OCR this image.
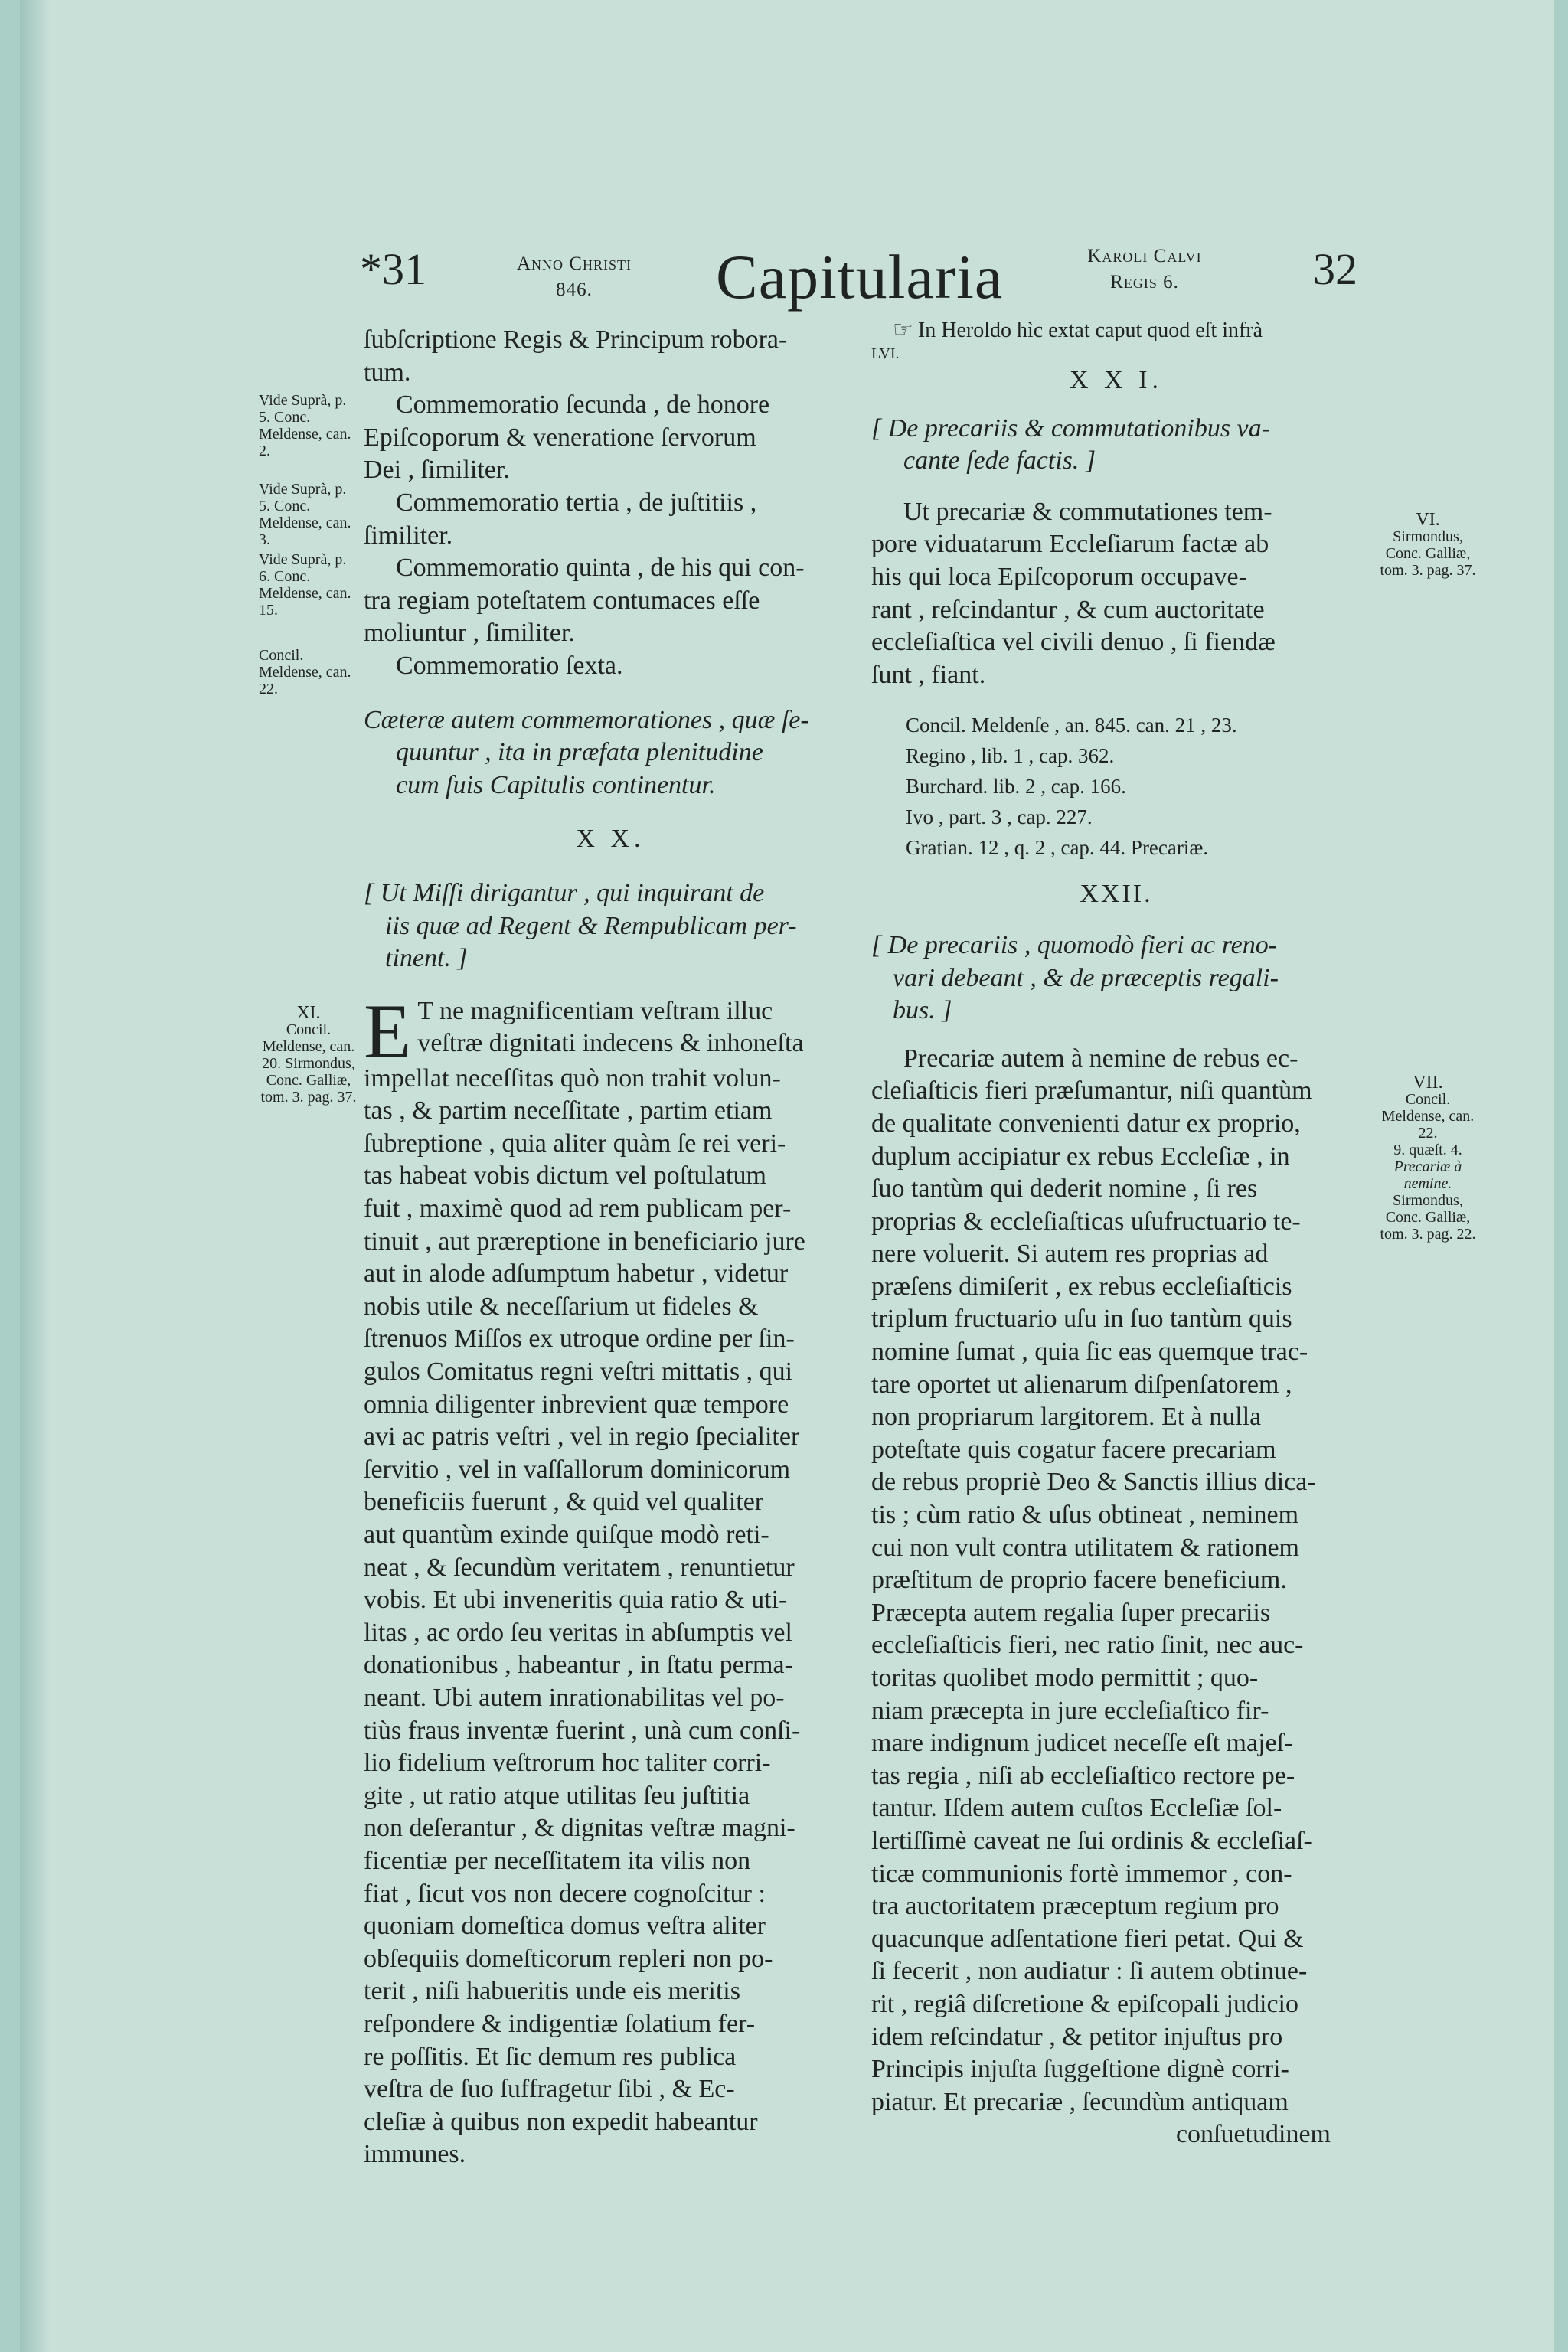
*31	Anno Christi
846.	Capitularia	Karoli Calvi
Regis 6.	32
Vide Suprà, p. 5. Conc. Meldense, can. 2.
Vide Suprà, p. 5. Conc. Meldense, can. 3.
Vide Suprà, p. 6. Conc. Meldense, can. 15.
Concil. Meldense, can. 22.
XI.
Concil. Meldense, can. 20. Sirmondus, Conc. Galliæ, tom. 3. pag. 37.

ſubſcriptione Regis & Principum robora-

tum.

Commemoratio ſecunda , de honore

Epiſcoporum & veneratione ſervorum

Dei , ſimiliter.

Commemoratio tertia , de juſtitiis ,

ſimiliter.

Commemoratio quinta , de his qui con-

tra regiam poteſtatem contumaces eſſe

moliuntur , ſimiliter.

Commemoratio ſexta.

Cæteræ autem commemorationes , quæ ſe-

quuntur , ita in præfata plenitudine

cum ſuis Capitulis continentur.

X X.

[ Ut Miſſi dirigantur , qui inquirant de

iis quæ ad Regent & Rempublicam per-

tinent. ]

E T ne magnificentiam veſtram illuc

veſtræ dignitati indecens & inhoneſta

impellat neceſſitas quò non trahit volun-

tas , & partim neceſſitate , partim etiam

ſubreptione , quia aliter quàm ſe rei veri-

tas habeat vobis dictum vel poſtulatum

fuit , maximè quod ad rem publicam per-

tinuit , aut præreptione in beneficiario jure

aut in alode adſumptum habetur , videtur

nobis utile & neceſſarium ut fideles &

ſtrenuos Miſſos ex utroque ordine per ſin-

gulos Comitatus regni veſtri mittatis , qui

omnia diligenter inbrevient quæ tempore

avi ac patris veſtri , vel in regio ſpecialiter

ſervitio , vel in vaſſallorum dominicorum

beneficiis fuerunt , & quid vel qualiter

aut quantùm exinde quiſque modò reti-

neat , & ſecundùm veritatem , renuntietur

vobis. Et ubi inveneritis quia ratio & uti-

litas , ac ordo ſeu veritas in abſumptis vel

donationibus , habeantur , in ſtatu perma-

neant. Ubi autem inrationabilitas vel po-

tiùs fraus inventæ fuerint , unà cum conſi-

lio fidelium veſtrorum hoc taliter corri-

gite , ut ratio atque utilitas ſeu juſtitia

non deſerantur , & dignitas veſtræ magni-

ficentiæ per neceſſitatem ita vilis non

fiat , ſicut vos non decere cognoſcitur :

quoniam domeſtica domus veſtra aliter

obſequiis domeſticorum repleri non po-

terit , niſi habueritis unde eis meritis

reſpondere & indigentiæ ſolatium fer-

re poſſitis. Et ſic demum res publica

veſtra de ſuo ſuffragetur ſibi , & Ec-

cleſiæ à quibus non expedit habeantur

immunes.

☞ In Heroldo hìc extat caput quod eſt infrà

LVI.

X X I.

[ De precariis & commutationibus va-

cante ſede factis. ]

Ut precariæ & commutationes tem-

pore viduatarum Eccleſiarum factæ ab

his qui loca Epiſcoporum occupave-

rant , reſcindantur , & cum auctoritate

eccleſiaſtica vel civili denuo , ſi fiendæ

ſunt , fiant.

Concil. Meldenſe , an. 845. can. 21 , 23.

Regino , lib. 1 , cap. 362.

Burchard. lib. 2 , cap. 166.

Ivo , part. 3 , cap. 227.

Gratian. 12 , q. 2 , cap. 44. Precariæ.

XXII.

[ De precariis , quomodò fieri ac reno-

vari debeant , & de præceptis regali-

bus. ]

Precariæ autem à nemine de rebus ec-

cleſiaſticis fieri præſumantur, niſi quantùm

de qualitate convenienti datur ex proprio,

duplum accipiatur ex rebus Eccleſiæ , in

ſuo tantùm qui dederit nomine , ſi res

proprias & eccleſiaſticas uſufructuario te-

nere voluerit. Si autem res proprias ad

præſens dimiſerit , ex rebus eccleſiaſticis

triplum fructuario uſu in ſuo tantùm quis

nomine ſumat , quia ſic eas quemque trac-

tare oportet ut alienarum diſpenſatorem ,

non propriarum largitorem. Et à nulla

poteſtate quis cogatur facere precariam

de rebus propriè Deo & Sanctis illius dica-

tis ; cùm ratio & uſus obtineat , neminem

cui non vult contra utilitatem & rationem

præſtitum de proprio facere beneficium.

Præcepta autem regalia ſuper precariis

eccleſiaſticis fieri, nec ratio ſinit, nec auc-

toritas quolibet modo permittit ; quo-

niam præcepta in jure eccleſiaſtico fir-

mare indignum judicet neceſſe eſt majeſ-

tas regia , niſi ab eccleſiaſtico rectore pe-

tantur. Iſdem autem cuſtos Eccleſiæ ſol-

lertiſſimè caveat ne ſui ordinis & eccleſiaſ-

ticæ communionis fortè immemor , con-

tra auctoritatem præceptum regium pro

quacunque adſentatione fieri petat. Qui &

ſi fecerit , non audiatur : ſi autem obtinue-

rit , regiâ diſcretione & epiſcopali judicio

idem reſcindatur , & petitor injuſtus pro

Principis injuſta ſuggeſtione dignè corri-

piatur. Et precariæ , ſecundùm antiquam

conſuetudinem

VI.
Sirmondus, Conc. Galliæ, tom. 3. pag. 37.
VII.
Concil. Meldense, can. 22.
9. quæſt. 4.
Precariæ à nemine.
Sirmondus, Conc. Galliæ, tom. 3. pag. 22.
